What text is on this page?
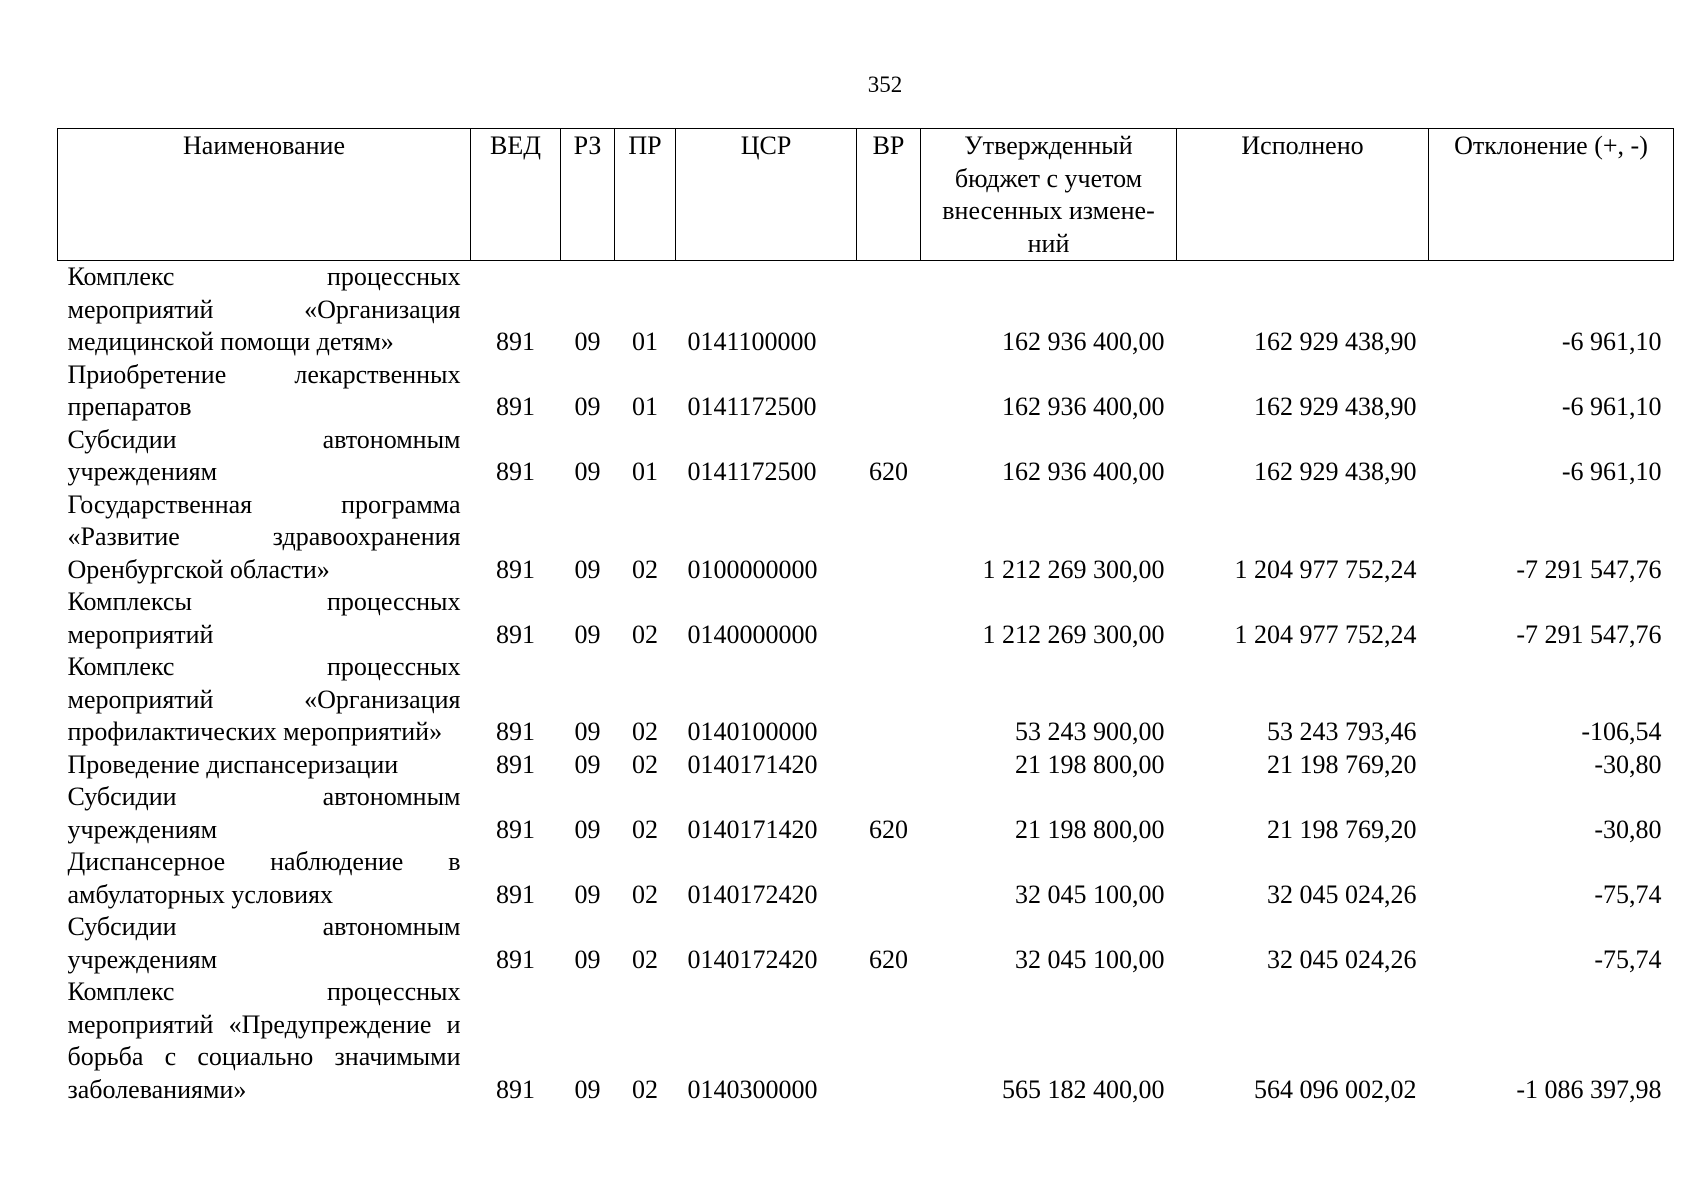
352
Наименование	ВЕД	РЗ	ПР	ЦСР	ВР	Утвержденный бюджет с учетом внесенных измене-ний	Исполнено	Отклонение (+, -)
Комплекс процессных мероприятий «Организация медицинской помощи детям»	891	09	01	0141100000		162 936 400,00	162 929 438,90	-6 961,10
Приобретение лекарственных препаратов	891	09	01	0141172500		162 936 400,00	162 929 438,90	-6 961,10
Субсидии автономным учреждениям	891	09	01	0141172500	620	162 936 400,00	162 929 438,90	-6 961,10
Государственная программа «Развитие здравоохранения Оренбургской области»	891	09	02	0100000000		1 212 269 300,00	1 204 977 752,24	-7 291 547,76
Комплексы процессных мероприятий	891	09	02	0140000000		1 212 269 300,00	1 204 977 752,24	-7 291 547,76
Комплекс процессных мероприятий «Организация профилактических мероприятий»	891	09	02	0140100000		53 243 900,00	53 243 793,46	-106,54
Проведение диспансеризации	891	09	02	0140171420		21 198 800,00	21 198 769,20	-30,80
Субсидии автономным учреждениям	891	09	02	0140171420	620	21 198 800,00	21 198 769,20	-30,80
Диспансерное наблюдение в амбулаторных условиях	891	09	02	0140172420		32 045 100,00	32 045 024,26	-75,74
Субсидии автономным учреждениям	891	09	02	0140172420	620	32 045 100,00	32 045 024,26	-75,74
Комплекс процессных мероприятий «Предупреждение и борьба с социально значимыми заболеваниями»	891	09	02	0140300000		565 182 400,00	564 096 002,02	-1 086 397,98
